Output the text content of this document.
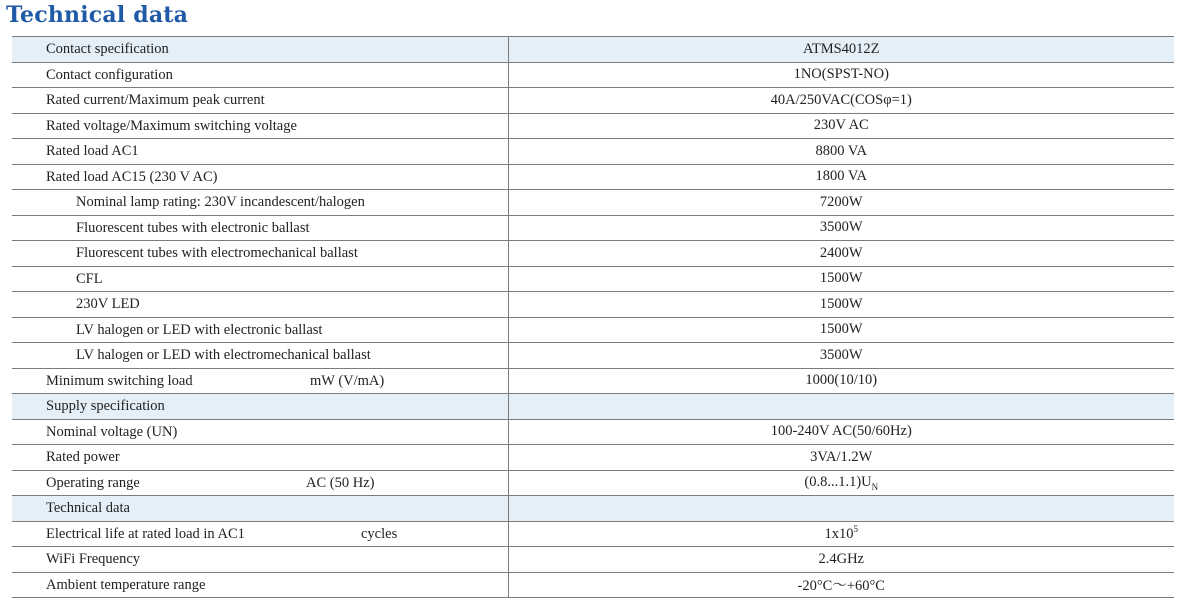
Technical data
Contact specification	ATMS4012Z

Contact configuration	1NO(SPST-NO)

Rated current/Maximum peak current	40A/250VAC(COSφ=1)

Rated voltage/Maximum switching voltage	230V AC

Rated load AC1	8800 VA

Rated load AC15 (230 V AC)	1800 VA

Nominal lamp rating: 230V incandescent/halogen	7200W

Fluorescent tubes with electronic ballast	3500W

Fluorescent tubes with electromechanical ballast	2400W

CFL	1500W

230V LED	1500W

LV halogen or LED with electronic ballast	1500W

LV halogen or LED with electromechanical ballast	3500W

Minimum switching load mW (V/mA)	1000(10/10)

Supply specification	

Nominal voltage (UN)	100-240V AC(50/60Hz)

Rated power	3VA/1.2W

Operating range AC (50 Hz)	$(0.8...1.1)U_N$

Technical data	

Electrical life at rated load in AC1 cycles	$1x10^5$

WiFi Frequency	2.4GHz

Ambient temperature range	-20°C～+60°C
